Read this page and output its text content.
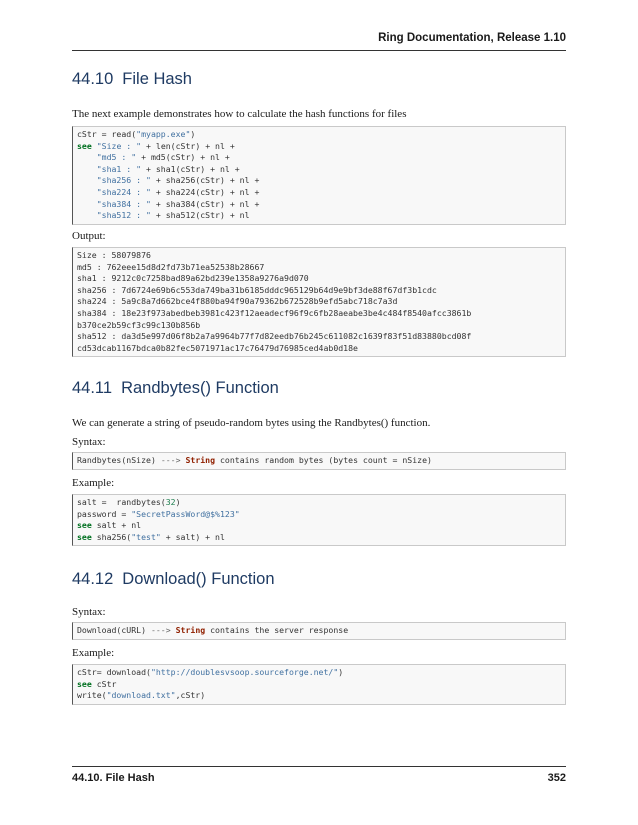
Ring Documentation, Release 1.10
44.10 File Hash
The next example demonstrates how to calculate the hash functions for files
cStr = read("myapp.exe")
see "Size : " + len(cStr) + nl +
"md5 : " + md5(cStr) + nl +
"sha1 : " + sha1(cStr) + nl +
"sha256 : " + sha256(cStr) + nl +
"sha224 : " + sha224(cStr) + nl +
"sha384 : " + sha384(cStr) + nl +
"sha512 : " + sha512(cStr) + nl
Output:
Size : 58079876
md5 : 762eee15d8d2fd73b71ea52538b28667
sha1 : 9212c0c7258bad89a62bd239e1358a9276a9d070
sha256 : 7d6724e69b6c553da749ba31b6185dddc965129b64d9e9bf3de88f67df3b1cdc
sha224 : 5a9c8a7d662bce4f880ba94f90a79362b672528b9efd5abc718c7a3d
sha384 : 18e23f973abedbeb3981c423f12aeadecf96f9c6fb28aeabe3be4c484f8540afcc3861b
b370ce2b59cf3c99c130b856b
sha512 : da3d5e997d06f8b2a7a9964b77f7d82eedb76b245c611082c1639f83f51d83880bcd08f
cd53dcab1167bdca0b82fec5071971ac17c76479d76985ced4ab0d18e
44.11 Randbytes() Function
We can generate a string of pseudo-random bytes using the Randbytes() function.
Syntax:
Randbytes(nSize) ---> String contains random bytes (bytes count = nSize)
Example:
salt =  randbytes(32)
password = "SecretPassWord@$%123"
see salt + nl
see sha256("test" + salt) + nl
44.12 Download() Function
Syntax:
Download(cURL) ---> String contains the server response
Example:
cStr= download("http://doublesvsoop.sourceforge.net/")
see cStr
write("download.txt",cStr)
44.10. File Hash	352
